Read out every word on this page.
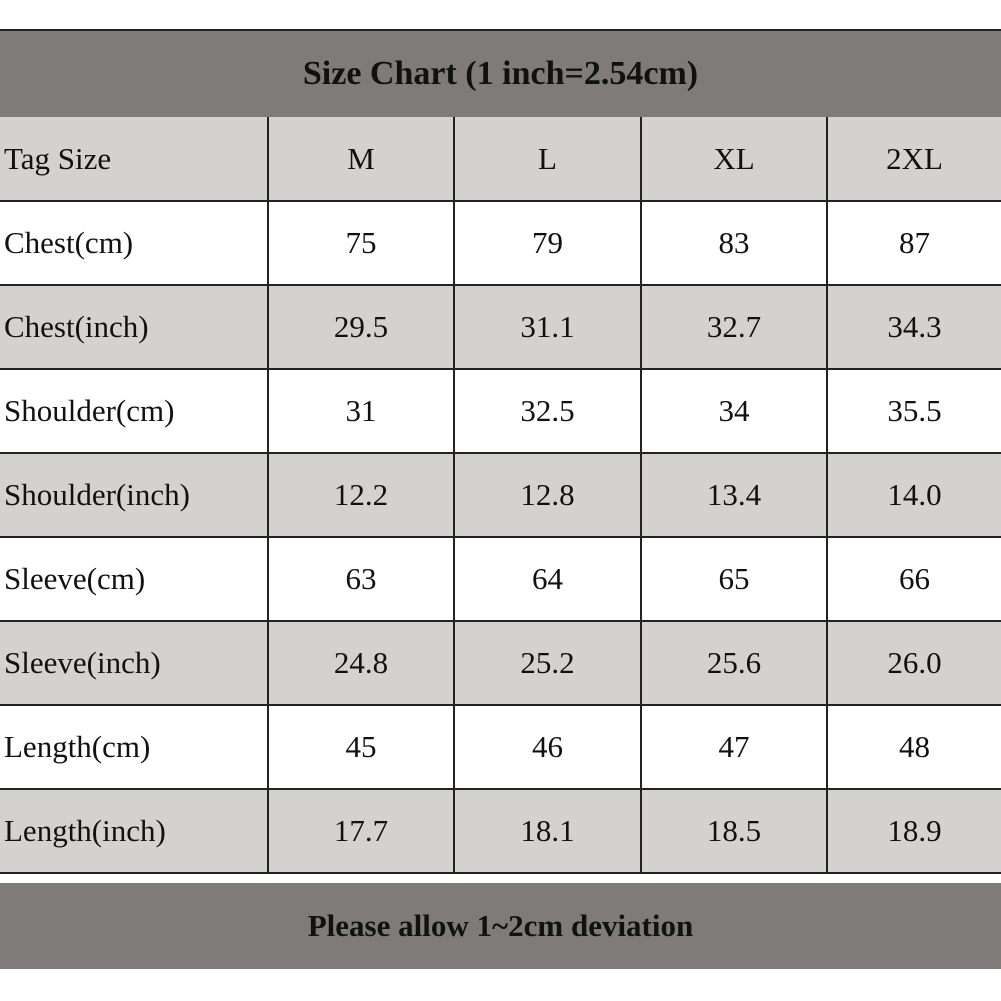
Size Chart (1 inch=2.54cm)
Tag Size	M	L	XL	2XL
Chest(cm)	75	79	83	87
Chest(inch)	29.5	31.1	32.7	34.3
Shoulder(cm)	31	32.5	34	35.5
Shoulder(inch)	12.2	12.8	13.4	14.0
Sleeve(cm)	63	64	65	66
Sleeve(inch)	24.8	25.2	25.6	26.0
Length(cm)	45	46	47	48
Length(inch)	17.7	18.1	18.5	18.9
Please allow 1~2cm deviation
